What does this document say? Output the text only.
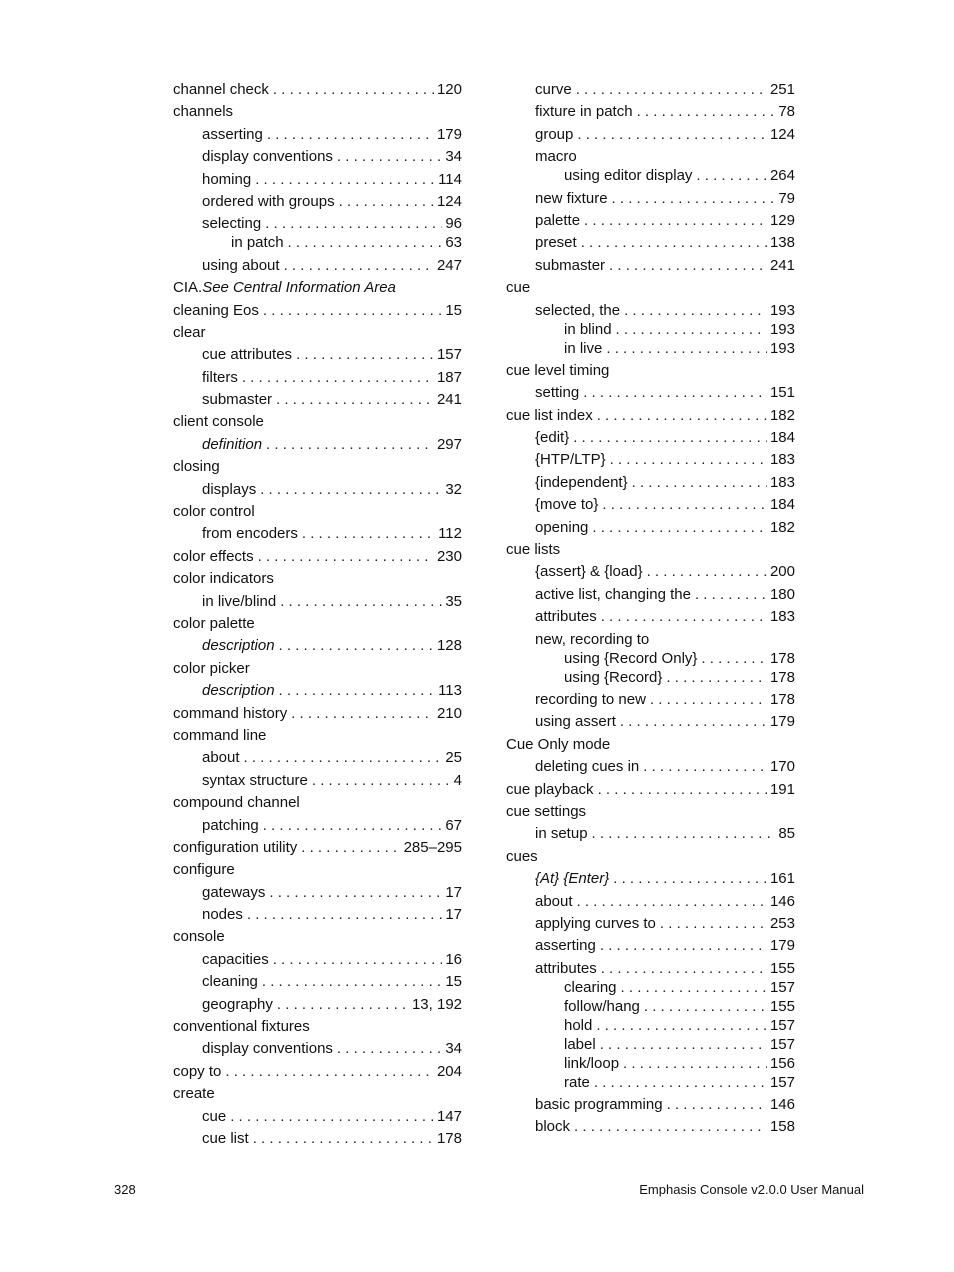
channel check . . .	120
channels
asserting . . .	179
display conventions . . .	34
homing . . .	114
ordered with groups . . .	124
selecting . . .	96
in patch . . .	63
using about . . .	247
CIA. See Central Information Area
cleaning Eos . . .	15
clear
cue attributes . . .	157
filters . . .	187
submaster . . .	241
client console
definition . . .	297
closing
displays . . .	32
color control
from encoders . . .	112
color effects . . .	230
color indicators
in live/blind . . .	35
color palette
description . . .	128
color picker
description . . .	113
command history . . .	210
command line
about . . .	25
syntax structure . . .	4
compound channel
patching . . .	67
configuration utility . . .	285–295
configure
gateways . . .	17
nodes . . .	17
console
capacities . . .	16
cleaning . . .	15
geography . . .	13, 192
conventional fixtures
display conventions . . .	34
copy to . . .	204
create
cue . . .	147
cue list . . .	178
curve . . .	251
fixture in patch . . .	78
group . . .	124
macro
using editor display . . .	264
new fixture . . .	79
palette . . .	129
preset . . .	138
submaster . . .	241
cue
selected, the . . .	193
in blind . . .	193
in live . . .	193
cue level timing
setting . . .	151
cue list index . . .	182
{edit} . . .	184
{HTP/LTP} . . .	183
{independent} . . .	183
{move to} . . .	184
opening . . .	182
cue lists
{assert} & {load} . . .	200
active list, changing the . . .	180
attributes . . .	183
new, recording to
using {Record Only} . . .	178
using {Record} . . .	178
recording to new . . .	178
using assert . . .	179
Cue Only mode
deleting cues in . . .	170
cue playback . . .	191
cue settings
in setup . . .	85
cues
{At} {Enter} . . .	161
about . . .	146
applying curves to . . .	253
asserting . . .	179
attributes . . .	155
clearing . . .	157
follow/hang . . .	155
hold . . .	157
label . . .	157
link/loop . . .	156
rate . . .	157
basic programming . . .	146
block . . .	158
328	Emphasis Console v2.0.0 User Manual
